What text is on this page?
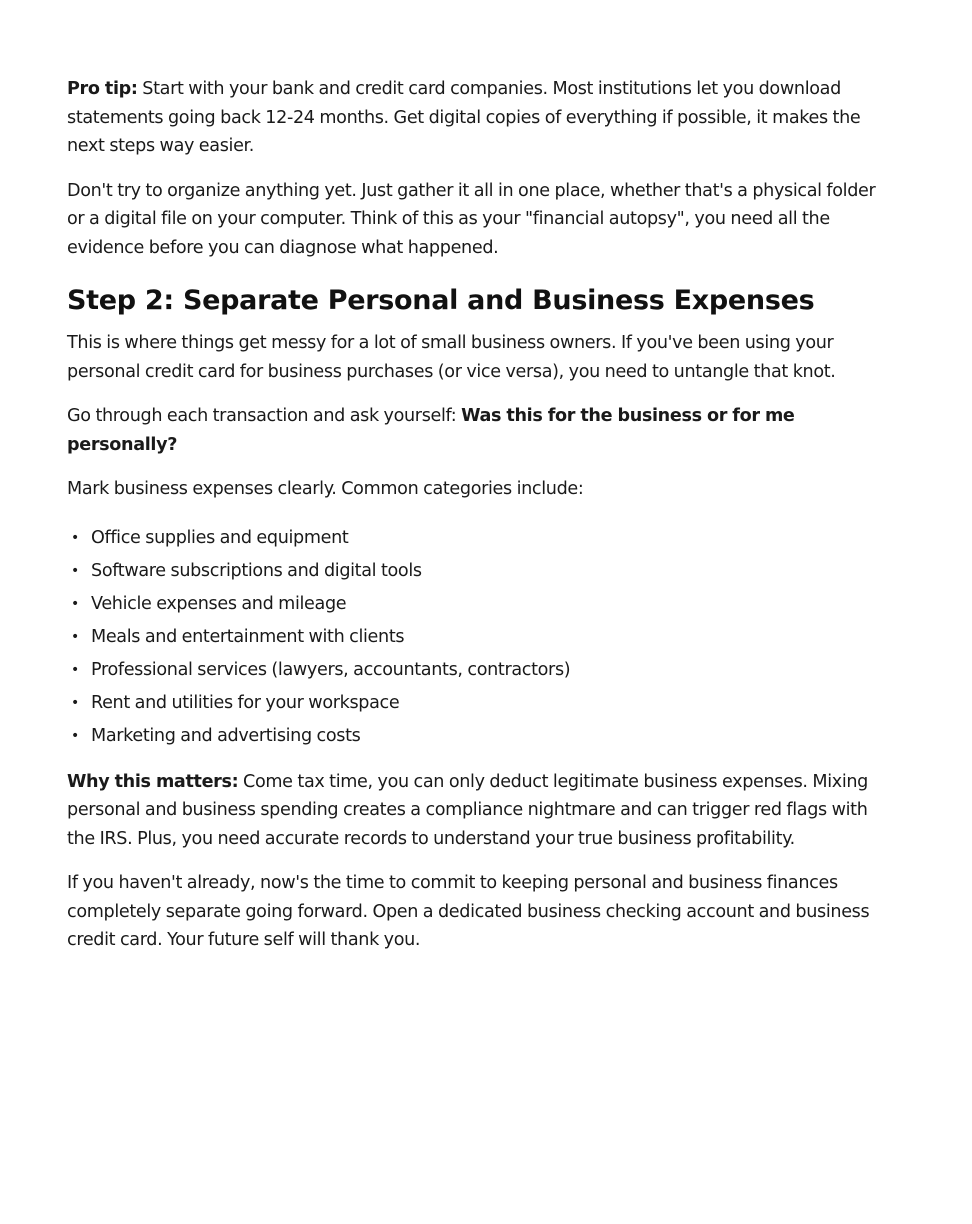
Pro tip: Start with your bank and credit card companies. Most institutions let you download statements going back 12-24 months. Get digital copies of everything if possible, it makes the next steps way easier.

Don't try to organize anything yet. Just gather it all in one place, whether that's a physical folder or a digital file on your computer. Think of this as your "financial autopsy", you need all the evidence before you can diagnose what happened.

Step 2: Separate Personal and Business Expenses

This is where things get messy for a lot of small business owners. If you've been using your personal credit card for business purchases (or vice versa), you need to untangle that knot.

Go through each transaction and ask yourself: Was this for the business or for me personally?

Mark business expenses clearly. Common categories include:

• Office supplies and equipment
• Software subscriptions and digital tools
• Vehicle expenses and mileage
• Meals and entertainment with clients
• Professional services (lawyers, accountants, contractors)
• Rent and utilities for your workspace
• Marketing and advertising costs

Why this matters: Come tax time, you can only deduct legitimate business expenses. Mixing personal and business spending creates a compliance nightmare and can trigger red flags with the IRS. Plus, you need accurate records to understand your true business profitability.

If you haven't already, now's the time to commit to keeping personal and business finances completely separate going forward. Open a dedicated business checking account and business credit card. Your future self will thank you.
